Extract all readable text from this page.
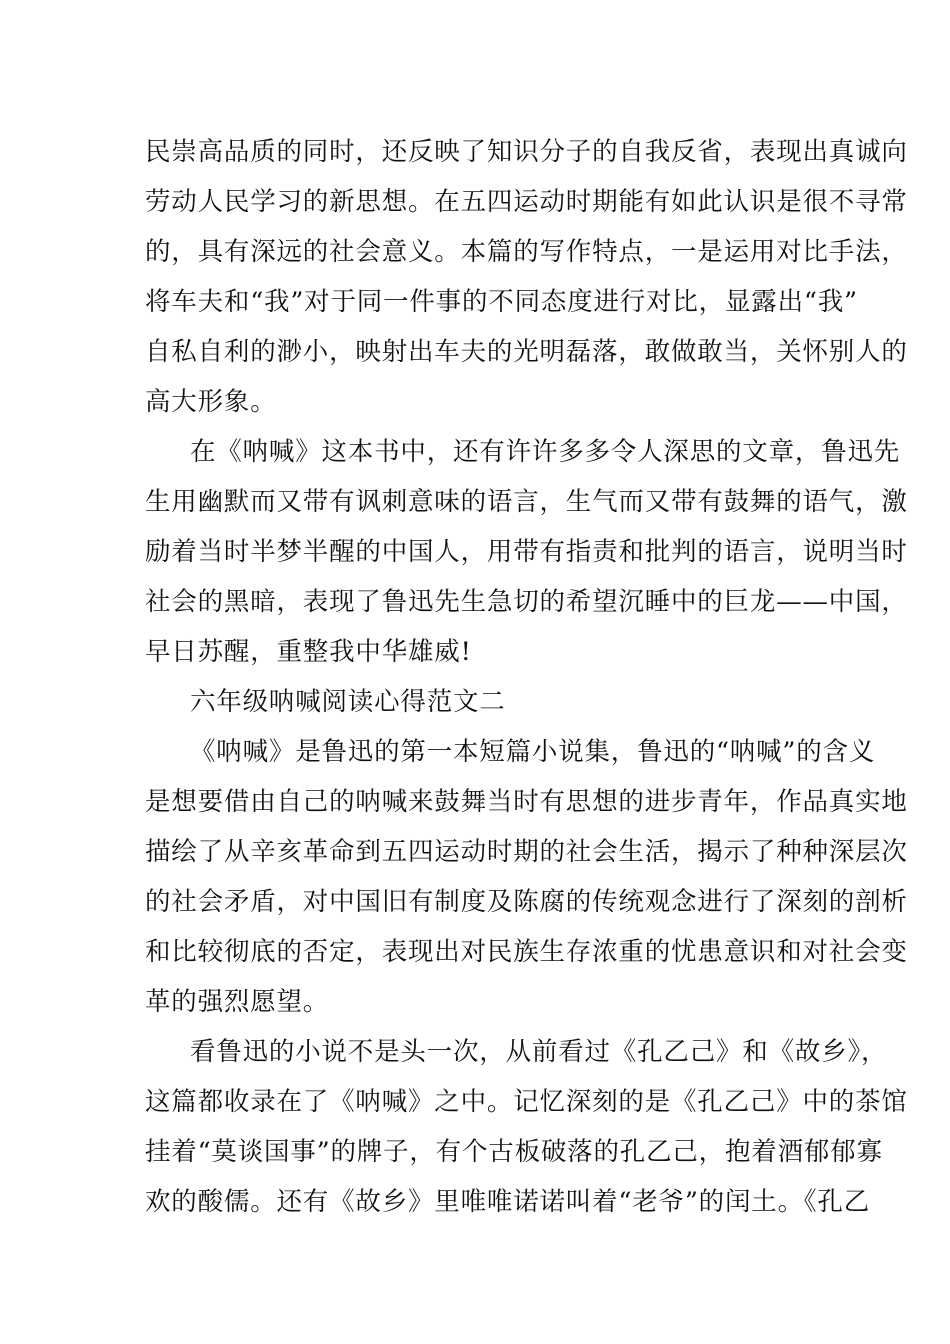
民崇高品质的同时，还反映了知识分子的自我反省，表现出真诚向
劳动人民学习的新思想。在五四运动时期能有如此认识是很不寻常
的，具有深远的社会意义。本篇的写作特点，一是运用对比手法，
将车夫和“我”对于同一件事的不同态度进行对比，显露出“我”
自私自利的渺小，映射出车夫的光明磊落，敢做敢当，关怀别人的
高大形象。
在《呐喊》这本书中，还有许许多多令人深思的文章，鲁迅先
生用幽默而又带有讽刺意味的语言，生气而又带有鼓舞的语气，激
励着当时半梦半醒的中国人，用带有指责和批判的语言，说明当时
社会的黑暗，表现了鲁迅先生急切的希望沉睡中的巨龙——中国，
早日苏醒，重整我中华雄威!
六年级呐喊阅读心得范文二
《呐喊》是鲁迅的第一本短篇小说集，鲁迅的“呐喊”的含义
是想要借由自己的呐喊来鼓舞当时有思想的进步青年，作品真实地
描绘了从辛亥革命到五四运动时期的社会生活，揭示了种种深层次
的社会矛盾，对中国旧有制度及陈腐的传统观念进行了深刻的剖析
和比较彻底的否定，表现出对民族生存浓重的忧患意识和对社会变
革的强烈愿望。
看鲁迅的小说不是头一次，从前看过《孔乙己》和《故乡》，
这篇都收录在了《呐喊》之中。记忆深刻的是《孔乙己》中的茶馆
挂着“莫谈国事”的牌子，有个古板破落的孔乙己，抱着酒郁郁寡
欢的酸儒。还有《故乡》里唯唯诺诺叫着“老爷”的闰土。《孔乙
